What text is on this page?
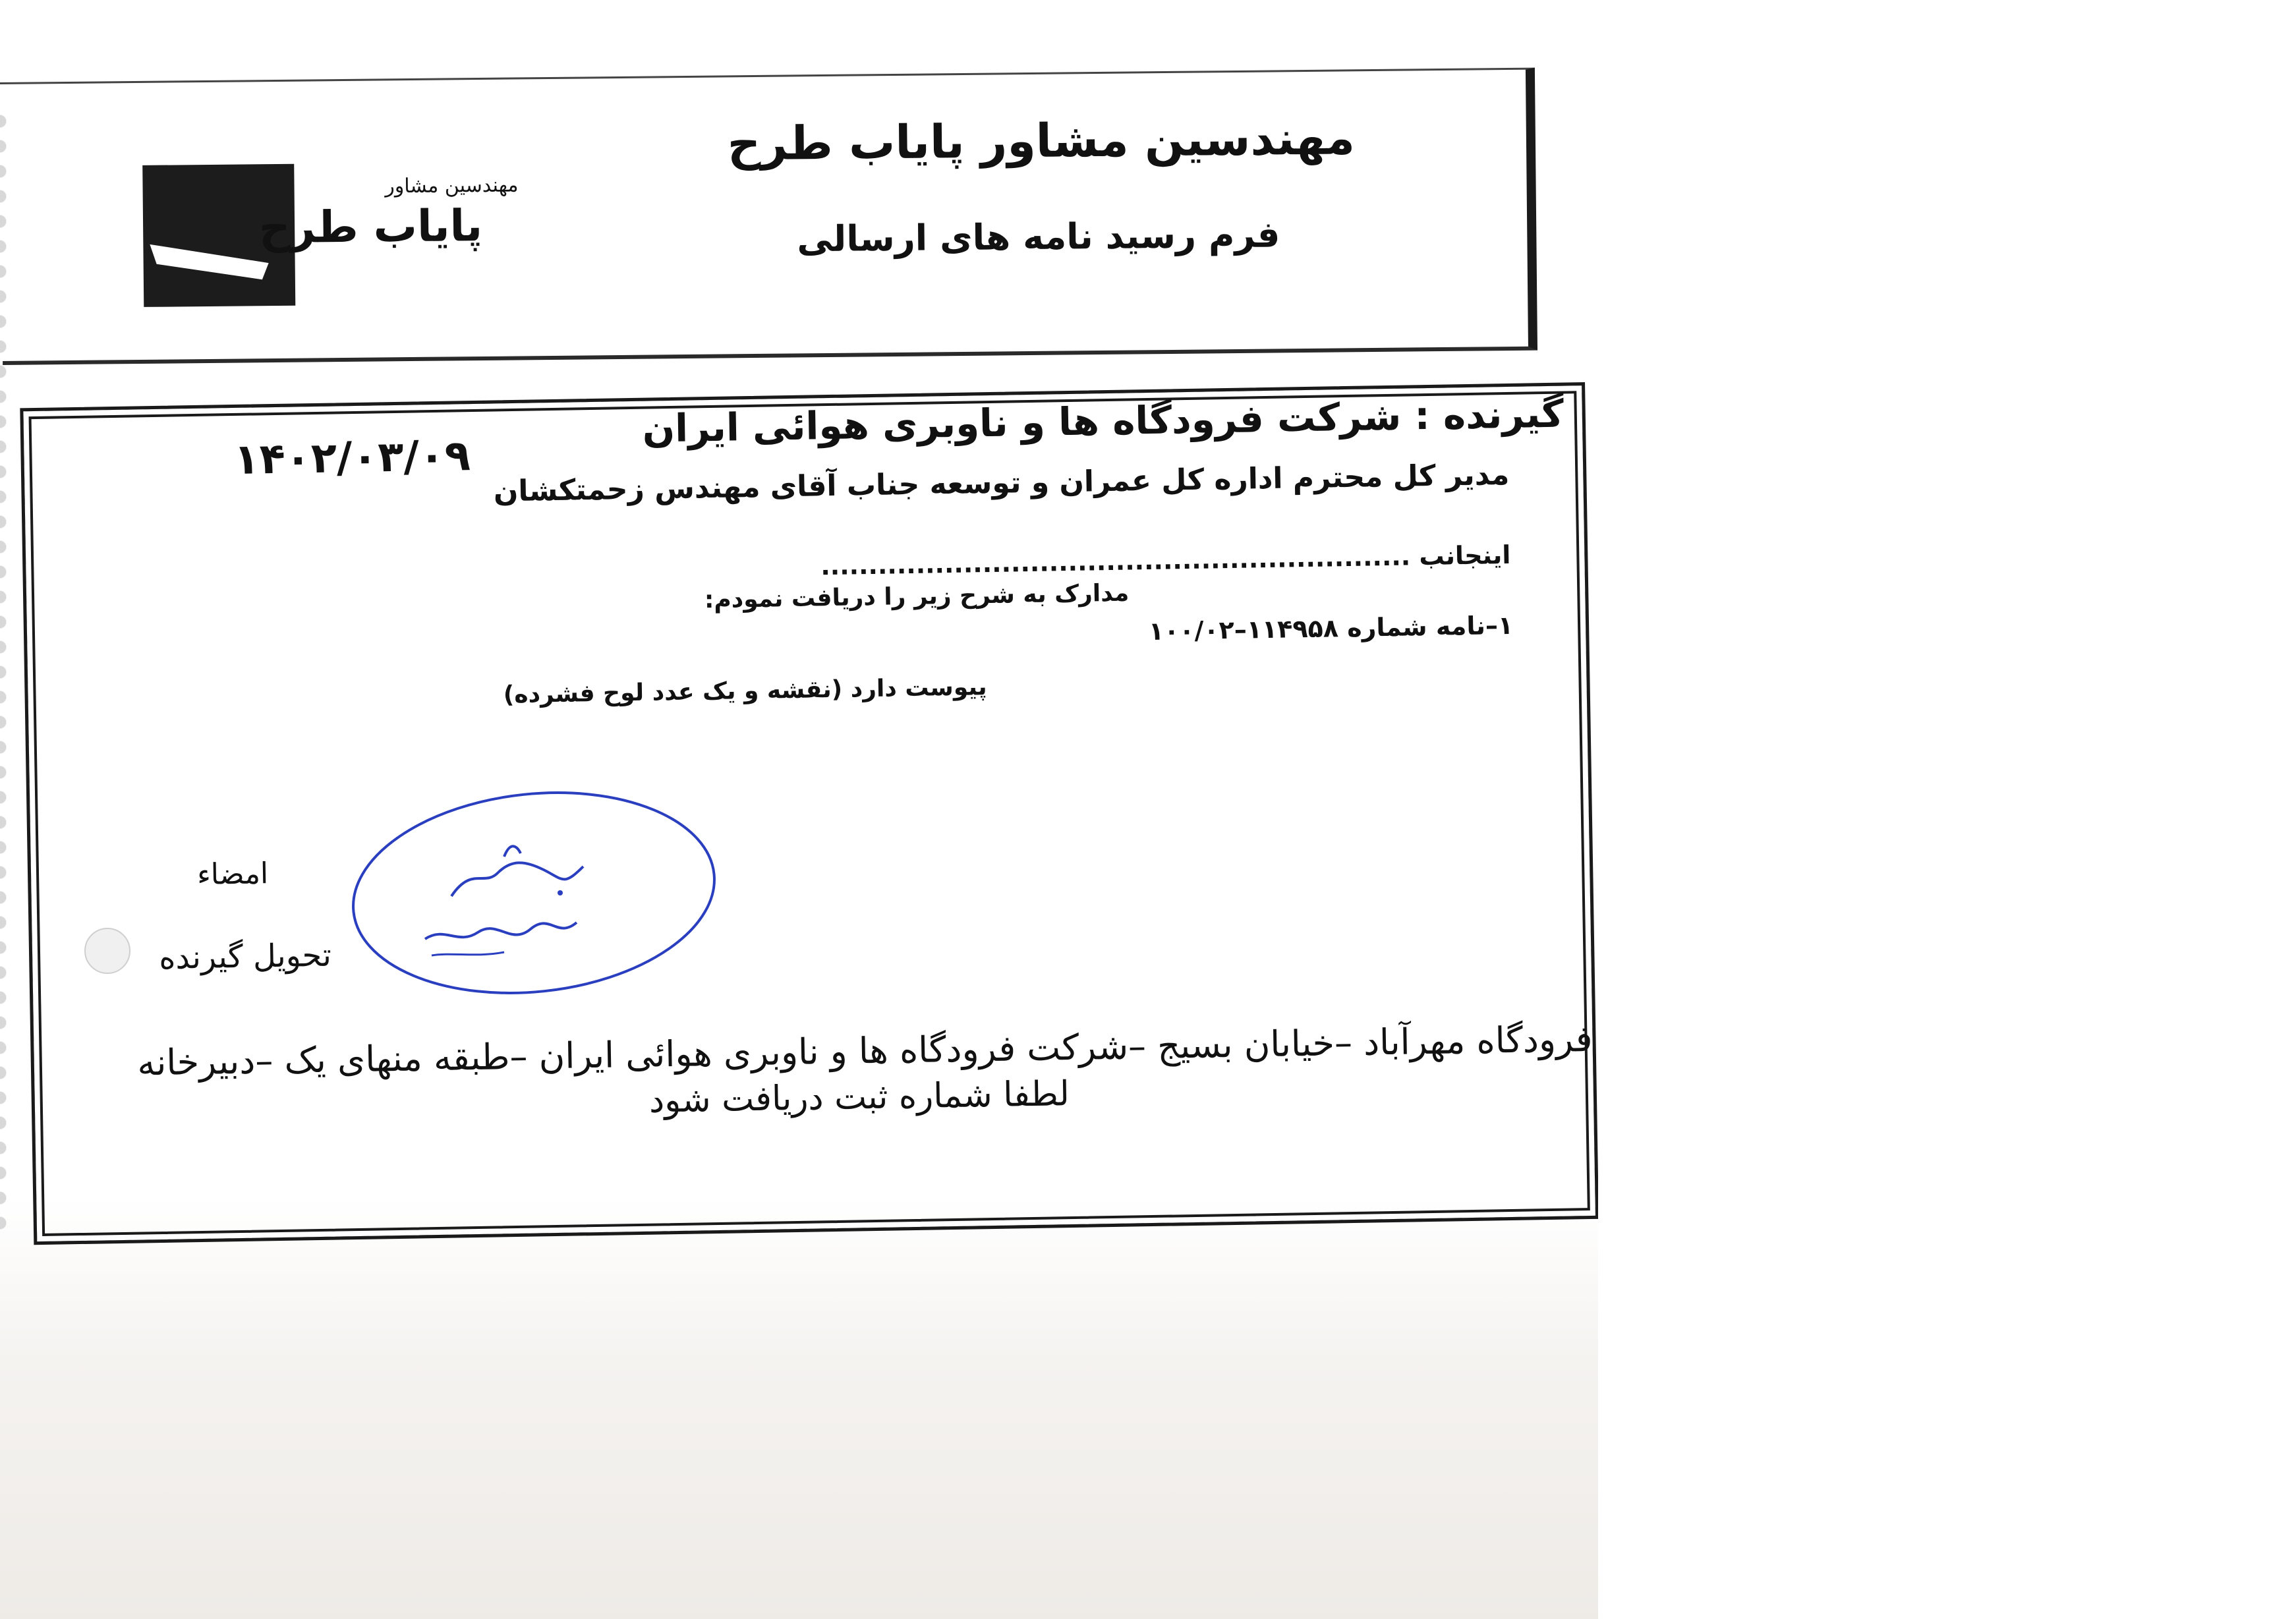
مهندسین مشاور
پایاب طرح
مهندسین مشاور پایاب طرح
فرم رسید نامه های ارسالی
گیرنده : شرکت فرودگاه ها و ناوبری هوائی ایران
۱۴۰۲/۰۳/۰۹ مدیر کل محترم اداره کل عمران و توسعه جناب آقای مهندس زحمتکشان
اینجانب ..............................................................
مدارک به شرح زیر را دریافت نمودم:
۱–نامه شماره ۱۱۴۹۵۸–۱۰۰/۰۲
پیوست دارد (نقشه و یک عدد لوح فشرده)
امضاء
تحویل گیرنده
فرودگاه مهرآباد –خیابان بسیج –شرکت فرودگاه ها و ناوبری هوائی ایران –طبقه منهای یک –دبیرخانه
لطفا شماره ثبت دریافت شود
